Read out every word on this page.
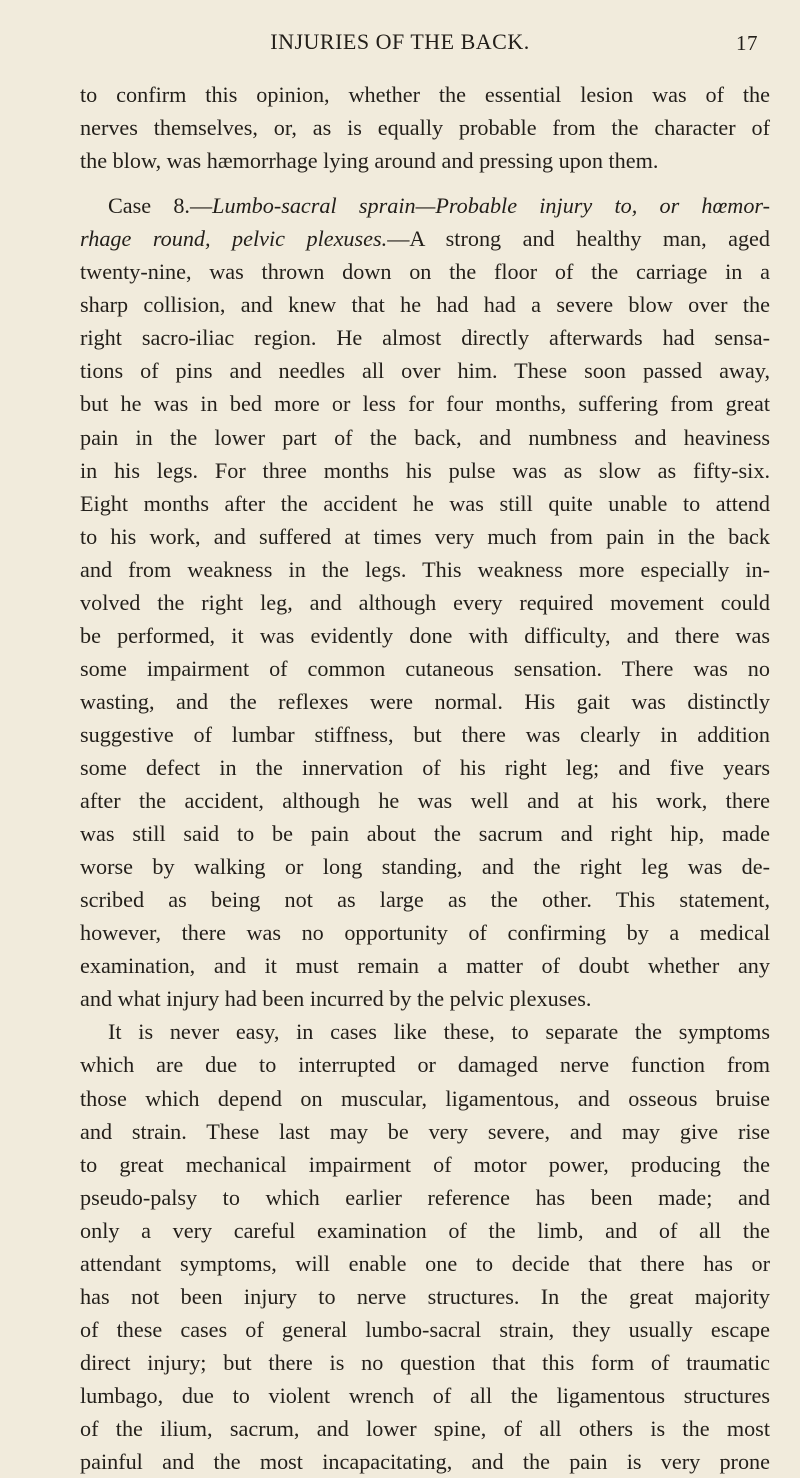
INJURIES OF THE BACK.	17
to confirm this opinion, whether the essential lesion was of the
nerves themselves, or, as is equally probable from the character of
the blow, was hæmorrhage lying around and pressing upon them.
Case 8.—Lumbo-sacral sprain—Probable injury to, or hœmor-
rhage round, pelvic plexuses.—A strong and healthy man, aged
twenty-nine, was thrown down on the floor of the carriage in a
sharp collision, and knew that he had had a severe blow over the
right sacro-iliac region. He almost directly afterwards had sensa-
tions of pins and needles all over him. These soon passed away,
but he was in bed more or less for four months, suffering from great
pain in the lower part of the back, and numbness and heaviness
in his legs. For three months his pulse was as slow as fifty-six.
Eight months after the accident he was still quite unable to attend
to his work, and suffered at times very much from pain in the back
and from weakness in the legs. This weakness more especially in-
volved the right leg, and although every required movement could
be performed, it was evidently done with difficulty, and there was
some impairment of common cutaneous sensation. There was no
wasting, and the reflexes were normal. His gait was distinctly
suggestive of lumbar stiffness, but there was clearly in addition
some defect in the innervation of his right leg; and five years
after the accident, although he was well and at his work, there
was still said to be pain about the sacrum and right hip, made
worse by walking or long standing, and the right leg was de-
scribed as being not as large as the other. This statement,
however, there was no opportunity of confirming by a medical
examination, and it must remain a matter of doubt whether any
and what injury had been incurred by the pelvic plexuses.
It is never easy, in cases like these, to separate the symptoms
which are due to interrupted or damaged nerve function from
those which depend on muscular, ligamentous, and osseous bruise
and strain. These last may be very severe, and may give rise
to great mechanical impairment of motor power, producing the
pseudo-palsy to which earlier reference has been made; and
only a very careful examination of the limb, and of all the
attendant symptoms, will enable one to decide that there has or
has not been injury to nerve structures. In the great majority
of these cases of general lumbo-sacral strain, they usually escape
direct injury; but there is no question that this form of traumatic
lumbago, due to violent wrench of all the ligamentous structures
of the ilium, sacrum, and lower spine, of all others is the most
painful and the most incapacitating, and the pain is very prone
